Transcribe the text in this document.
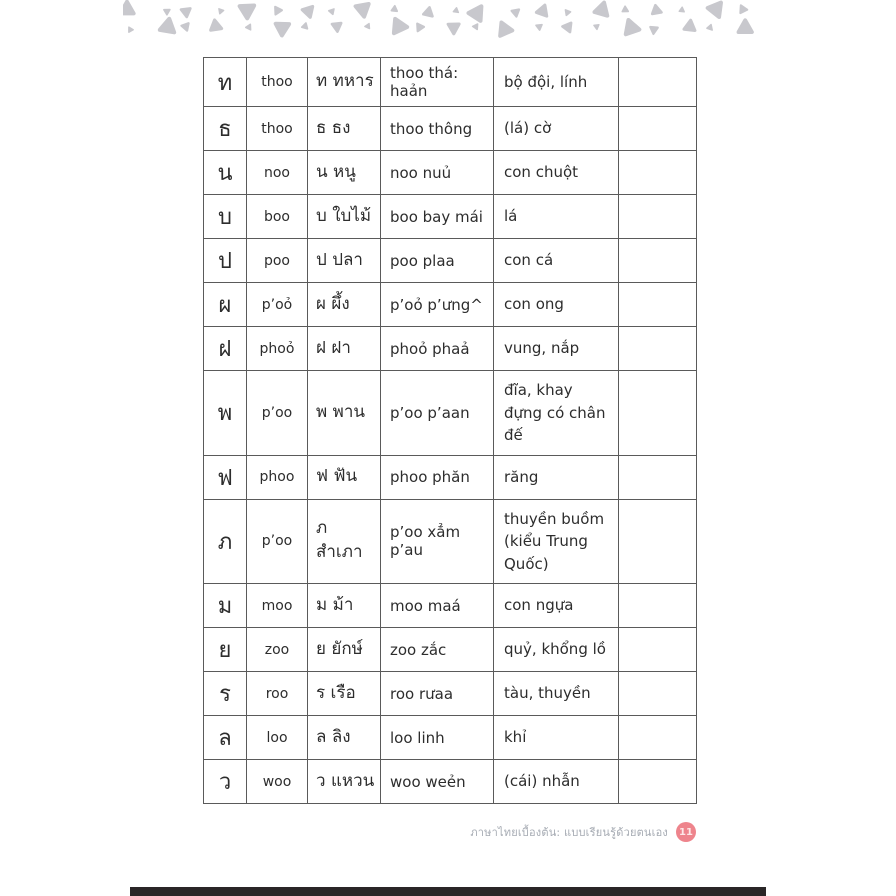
ท	thoo	ท ทหาร	thoo thá: haản	bộ đội, lính	
ธ	thoo	ธ ธง	thoo thông	(lá) cờ	
น	noo	น หนู	noo nuủ	con chuột	
บ	boo	บ ใบไม้	boo bay mái	lá	
ป	poo	ป ปลา	poo plaa	con cá	
ผ	p’oỏ	ผ ผึ้ง	p’oỏ p’ưng^	con ong	
ฝ	phoỏ	ฝ ฝา	phoỏ phaả	vung, nắp	
พ	p’oo	พ พาน	p’oo p’aan	đĩa, khay đựng có chân đế	
ฟ	phoo	ฟ ฟัน	phoo phăn	răng	
ภ	p’oo	ภ สำเภา	p’oo xẳm p’au	thuyền buồm (kiểu Trung Quốc)	
ม	moo	ม ม้า	moo maá	con ngựa	
ย	zoo	ย ยักษ์	zoo zắc	quỷ, khổng lồ	
ร	roo	ร เรือ	roo rưaa	tàu, thuyền	
ล	loo	ล ลิง	loo linh	khỉ	
ว	woo	ว แหวน	woo weẻn	(cái) nhẫn	
ภาษาไทยเบื้องต้น: แบบเรียนรู้ด้วยตนเอง	11
